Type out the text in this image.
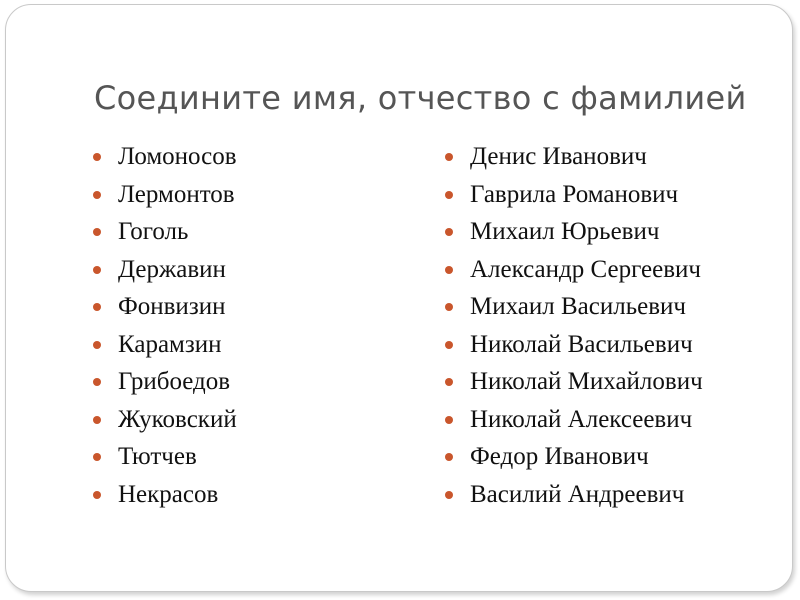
Соедините имя, отчество с фамилией
Ломоносов
Лермонтов
Гоголь
Державин
Фонвизин
Карамзин
Грибоедов
Жуковский
Тютчев
Некрасов
Денис Иванович
Гаврила Романович
Михаил Юрьевич
Александр Сергеевич
Михаил Васильевич
Николай Васильевич
Николай Михайлович
Николай Алексеевич
Федор Иванович
Василий Андреевич
